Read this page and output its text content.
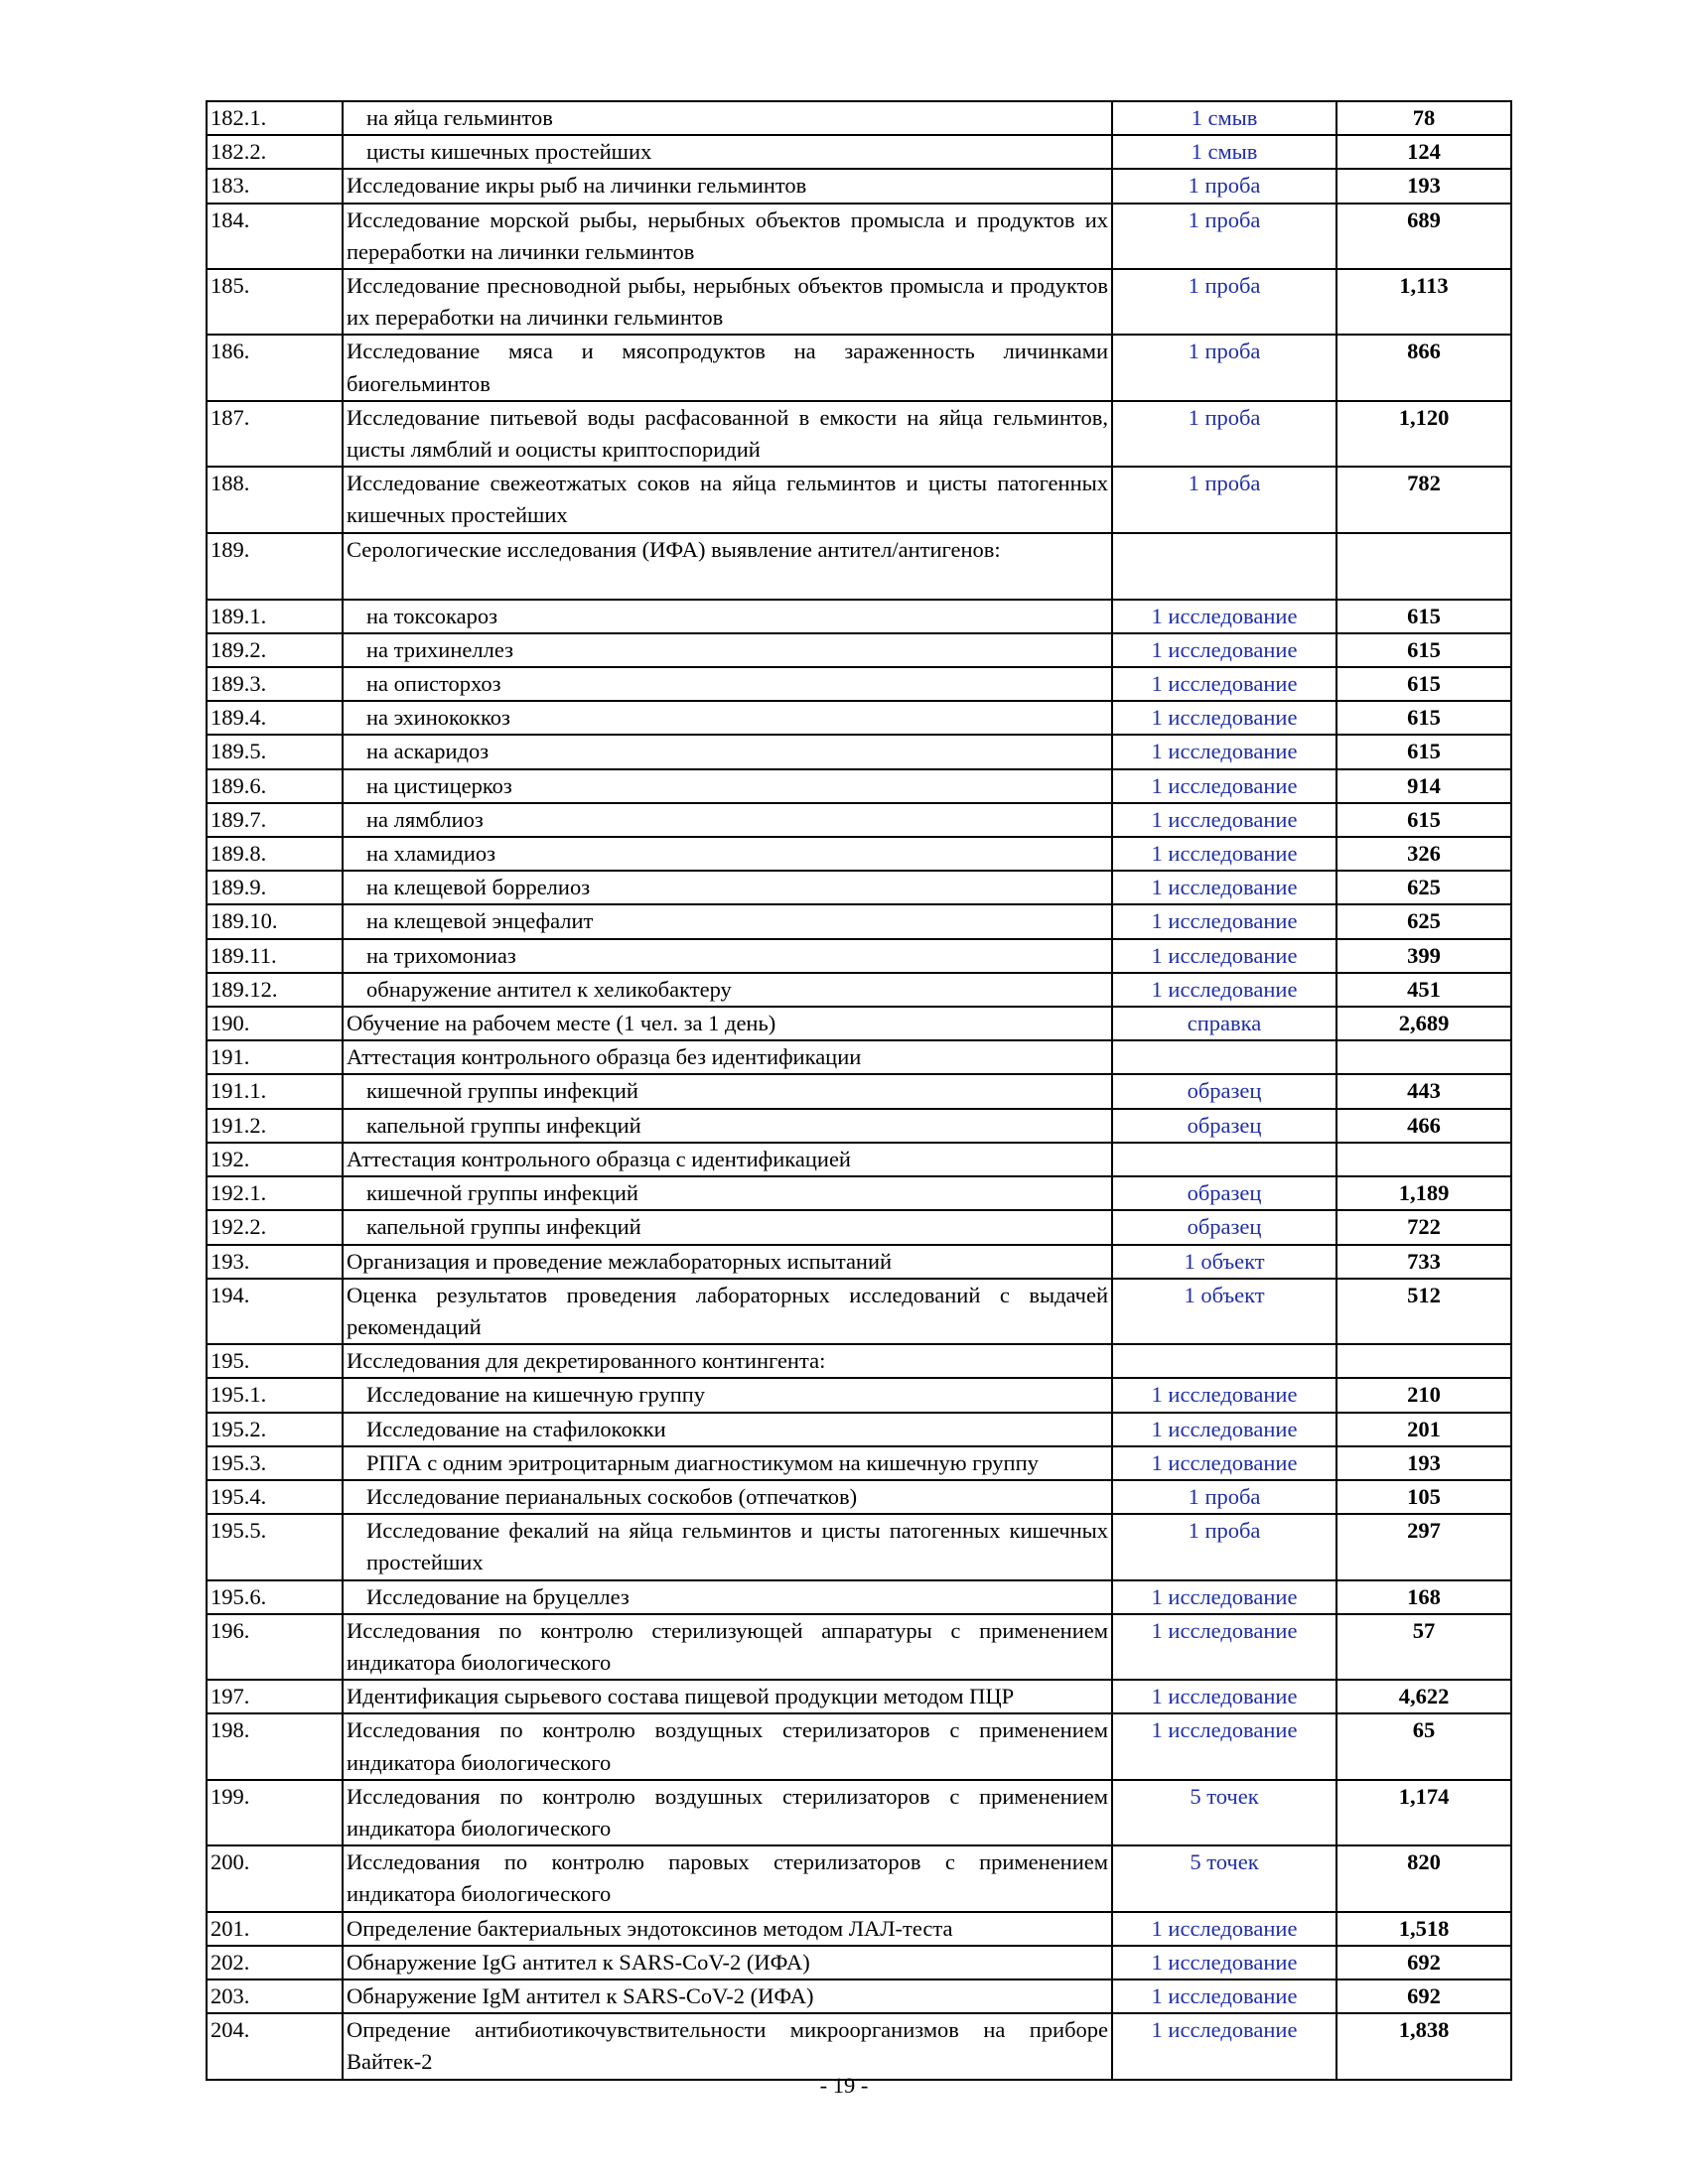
182.1.	на яйца гельминтов	1 смыв	78
182.2.	цисты кишечных простейших	1 смыв	124
183.	Исследование икры рыб на личинки гельминтов	1 проба	193
184.	Исследование морской рыбы, нерыбных объектов промысла и продуктов их переработки на личинки гельминтов	1 проба	689
185.	Исследование пресноводной рыбы, нерыбных объектов промысла и продуктов их переработки на личинки гельминтов	1 проба	1,113
186.	Исследование мяса и мясопродуктов на зараженность личинками биогельминтов	1 проба	866
187.	Исследование питьевой воды расфасованной в емкости на яйца гельминтов, цисты лямблий и ооцисты криптоспоридий	1 проба	1,120
188.	Исследование свежеотжатых соков на яйца гельминтов и цисты патогенных кишечных простейших	1 проба	782
189.	Серологические исследования (ИФА) выявление антител/антигенов:		
189.1.	на токсокароз	1 исследование	615
189.2.	на трихинеллез	1 исследование	615
189.3.	на описторхоз	1 исследование	615
189.4.	на эхинококкоз	1 исследование	615
189.5.	на аскаридоз	1 исследование	615
189.6.	на цистицеркоз	1 исследование	914
189.7.	на лямблиоз	1 исследование	615
189.8.	на хламидиоз	1 исследование	326
189.9.	на клещевой боррелиоз	1 исследование	625
189.10.	на клещевой энцефалит	1 исследование	625
189.11.	на трихомониаз	1 исследование	399
189.12.	обнаружение антител к хеликобактеру	1 исследование	451
190.	Обучение на рабочем месте (1 чел. за 1 день)	справка	2,689
191.	Аттестация контрольного образца без идентификации		
191.1.	кишечной группы инфекций	образец	443
191.2.	капельной группы инфекций	образец	466
192.	Аттестация контрольного образца с идентификацией		
192.1.	кишечной группы инфекций	образец	1,189
192.2.	капельной группы инфекций	образец	722
193.	Организация и проведение межлабораторных испытаний	1 объект	733
194.	Оценка результатов проведения лабораторных исследований с выдачей рекомендаций	1 объект	512
195.	Исследования для декретированного контингента:		
195.1.	Исследование на кишечную группу	1 исследование	210
195.2.	Исследование на стафилококки	1 исследование	201
195.3.	РПГА с одним эритроцитарным диагностикумом на кишечную группу	1 исследование	193
195.4.	Исследование перианальных соскобов (отпечатков)	1 проба	105
195.5.	Исследование фекалий на яйца гельминтов и цисты патогенных кишечных простейших	1 проба	297
195.6.	Исследование на бруцеллез	1 исследование	168
196.	Исследования по контролю стерилизующей аппаратуры с применением индикатора биологического	1 исследование	57
197.	Идентификация сырьевого состава пищевой продукции методом ПЦР	1 исследование	4,622
198.	Исследования по контролю воздущных стерилизаторов с применением индикатора биологического	1 исследование	65
199.	Исследования по контролю воздушных стерилизаторов с применением индикатора биологического	5 точек	1,174
200.	Исследования по контролю паровых стерилизаторов с применением индикатора биологического	5 точек	820
201.	Определение бактериальных эндотоксинов методом ЛАЛ-теста	1 исследование	1,518
202.	Обнаружение IgG антител к SARS-CoV-2 (ИФА)	1 исследование	692
203.	Обнаружение IgM антител к SARS-CoV-2 (ИФА)	1 исследование	692
204.	Опредение антибиотикочувствительности микроорганизмов на приборе Вайтек-2	1 исследование	1,838
- 19 -
